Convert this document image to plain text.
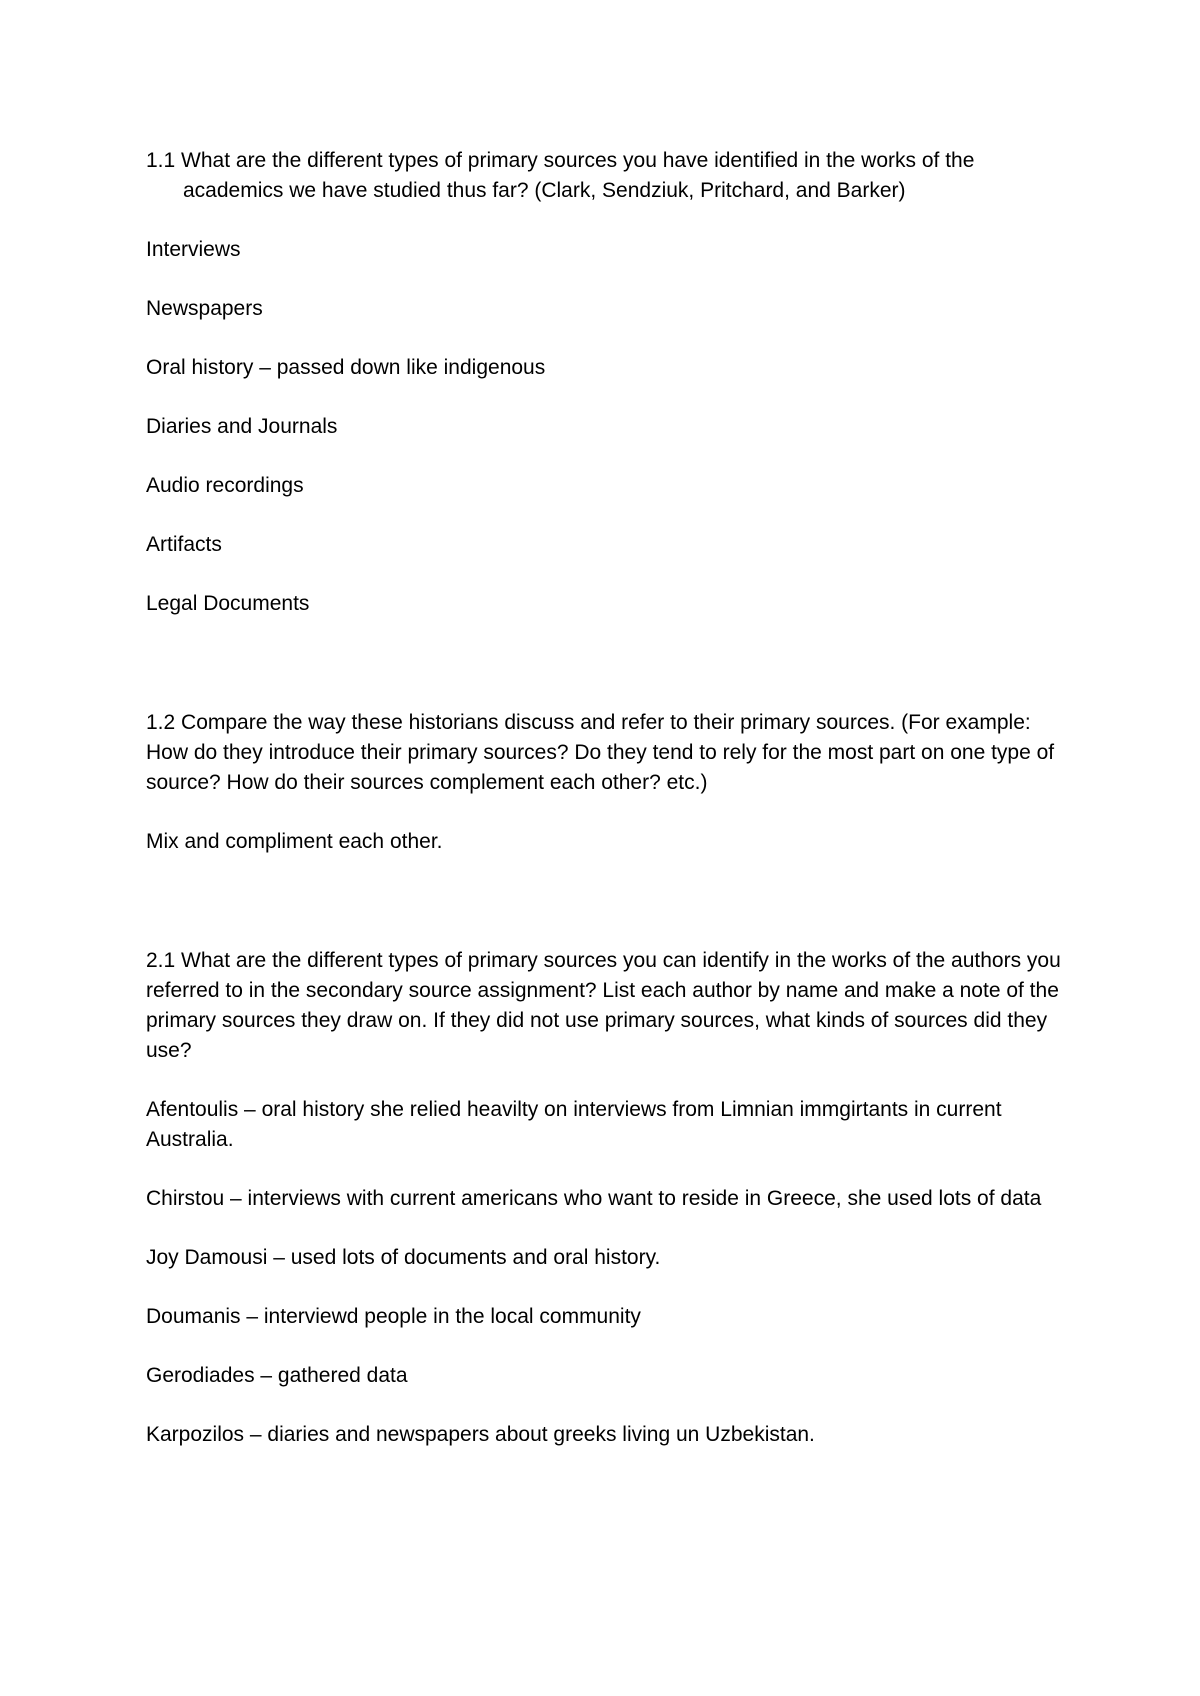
1.1 What are the different types of primary sources you have identified in the works of the academics we have studied thus far? (Clark, Sendziuk, Pritchard, and Barker)

Interviews

Newspapers

Oral history – passed down like indigenous

Diaries and Journals

Audio recordings

Artifacts

Legal Documents

1.2 Compare the way these historians discuss and refer to their primary sources. (For example: How do they introduce their primary sources? Do they tend to rely for the most part on one type of source? How do their sources complement each other? etc.)

Mix and compliment each other.

2.1 What are the different types of primary sources you can identify in the works of the authors you referred to in the secondary source assignment? List each author by name and make a note of the primary sources they draw on. If they did not use primary sources, what kinds of sources did they use?

Afentoulis – oral history she relied heavilty on interviews from Limnian immgirtants in current Australia.

Chirstou – interviews with current americans who want to reside in Greece, she used lots of data

Joy Damousi – used lots of documents and oral history.

Doumanis – interviewd people in the local community

Gerodiades – gathered data

Karpozilos – diaries and newspapers about greeks living un Uzbekistan.
